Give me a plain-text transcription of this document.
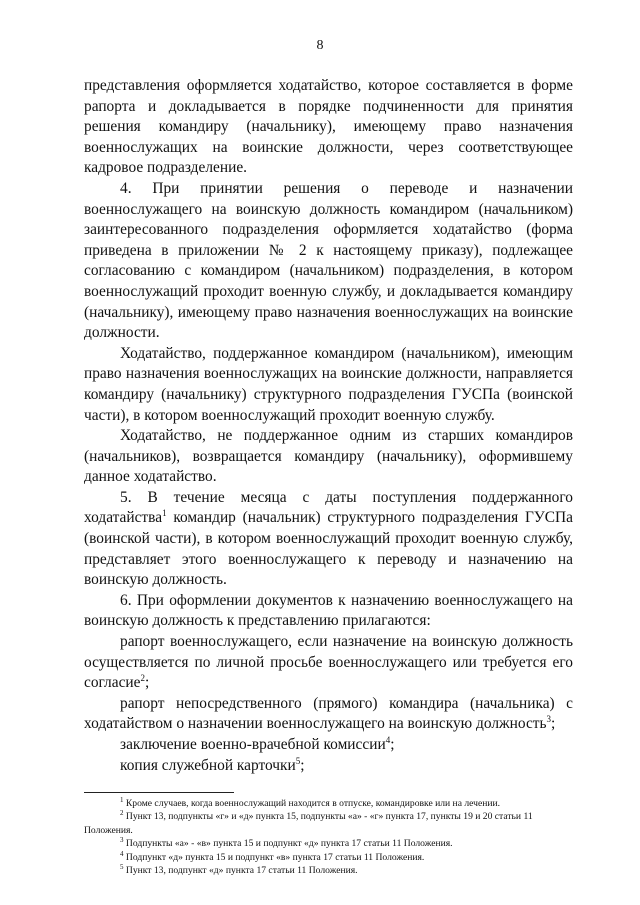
8

представления оформляется ходатайство, которое составляется в форме рапорта и докладывается в порядке подчиненности для принятия решения командиру (начальнику), имеющему право назначения военнослужащих на воинские должности, через соответствующее кадровое подразделение.

4. При принятии решения о переводе и назначении военнослужащего на воинскую должность командиром (начальником) заинтересованного подразделения оформляется ходатайство (форма приведена в приложении № 2 к настоящему приказу), подлежащее согласованию с командиром (начальником) подразделения, в котором военнослужащий проходит военную службу, и докладывается командиру (начальнику), имеющему право назначения военнослужащих на воинские должности.

Ходатайство, поддержанное командиром (начальником), имеющим право назначения военнослужащих на воинские должности, направляется командиру (начальнику) структурного подразделения ГУСПа (воинской части), в котором военнослужащий проходит военную службу.

Ходатайство, не поддержанное одним из старших командиров (начальников), возвращается командиру (начальнику), оформившему данное ходатайство.

5. В течение месяца с даты поступления поддержанного ходатайства$^1$ командир (начальник) структурного подразделения ГУСПа (воинской части), в котором военнослужащий проходит военную службу, представляет этого военнослужащего к переводу и назначению на воинскую должность.

6. При оформлении документов к назначению военнослужащего на воинскую должность к представлению прилагаются:

рапорт военнослужащего, если назначение на воинскую должность осуществляется по личной просьбе военнослужащего или требуется его согласие$^2$;

рапорт непосредственного (прямого) командира (начальника) с ходатайством о назначении военнослужащего на воинскую должность$^3$;

заключение военно-врачебной комиссии$^4$;

копия служебной карточки$^5$;

$^1$ Кроме случаев, когда военнослужащий находится в отпуске, командировке или на лечении.

$^2$ Пункт 13, подпункты «г» и «д» пункта 15, подпункты «а» - «г» пункта 17, пункты 19 и 20 статьи 11 Положения.

$^3$ Подпункты «а» - «в» пункта 15 и подпункт «д» пункта 17 статьи 11 Положения.

$^4$ Подпункт «д» пункта 15 и подпункт «в» пункта 17 статьи 11 Положения.

$^5$ Пункт 13, подпункт «д» пункта 17 статьи 11 Положения.
